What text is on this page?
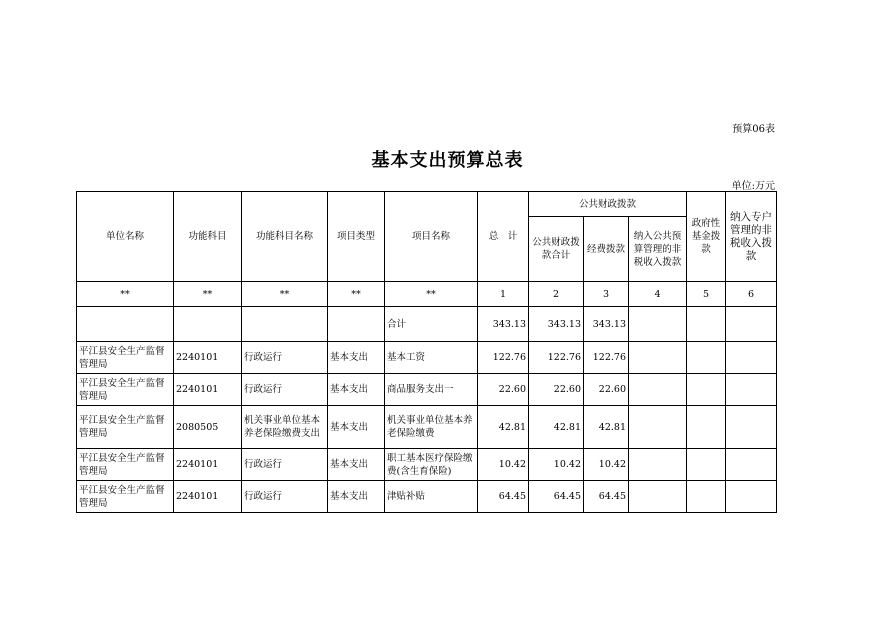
预算06表
基本支出预算总表
单位:万元
单位名称	功能科目	功能科目名称	项目类型	项目名称	总　计	公共财政拨款			政府性基金拨款	纳入专户管理的非税收入拨款
						公共财政拨款合计	经费拨款	纳入公共预算管理的非税收入拨款		
**	**	**	**	**	1	2	3	4	5	6
				合计	343.13	343.13	343.13			
平江县安全生产监督管理局	2240101	行政运行	基本支出	基本工资	122.76	122.76	122.76			
平江县安全生产监督管理局	2240101	行政运行	基本支出	商品服务支出一	22.60	22.60	22.60			
平江县安全生产监督管理局	2080505	机关事业单位基本养老保险缴费支出	基本支出	机关事业单位基本养老保险缴费	42.81	42.81	42.81			
平江县安全生产监督管理局	2240101	行政运行	基本支出	职工基本医疗保险缴费(含生育保险)	10.42	10.42	10.42			
平江县安全生产监督管理局	2240101	行政运行	基本支出	津贴补贴	64.45	64.45	64.45			
